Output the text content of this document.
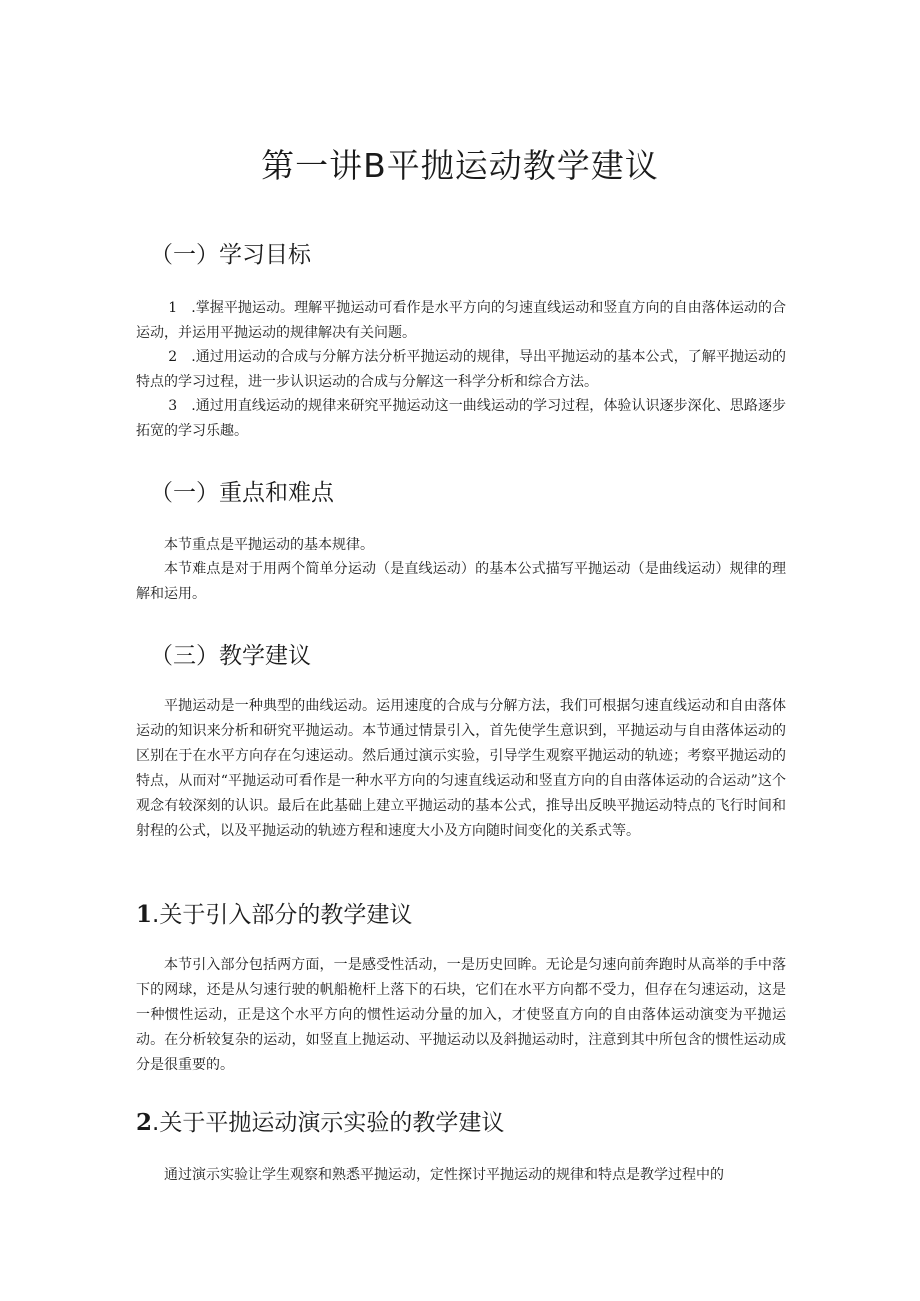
第一讲B平抛运动教学建议
（一）学习目标

1　.掌握平抛运动。理解平抛运动可看作是水平方向的匀速直线运动和竖直方向的自由落体运动的合运动，并运用平抛运动的规律解决有关问题。

2　.通过用运动的合成与分解方法分析平抛运动的规律，导出平抛运动的基本公式，了解平抛运动的特点的学习过程，进一步认识运动的合成与分解这一科学分析和综合方法。

3　.通过用直线运动的规律来研究平抛运动这一曲线运动的学习过程，体验认识逐步深化、思路逐步拓宽的学习乐趣。

（一）重点和难点

本节重点是平抛运动的基本规律。

本节难点是对于用两个简单分运动（是直线运动）的基本公式描写平抛运动（是曲线运动）规律的理解和运用。

（三）教学建议

平抛运动是一种典型的曲线运动。运用速度的合成与分解方法，我们可根据匀速直线运动和自由落体运动的知识来分析和研究平抛运动。本节通过情景引入，首先使学生意识到，平抛运动与自由落体运动的区别在于在水平方向存在匀速运动。然后通过演示实验，引导学生观察平抛运动的轨迹；考察平抛运动的特点，从而对“平抛运动可看作是一种水平方向的匀速直线运动和竖直方向的自由落体运动的合运动”这个观念有较深刻的认识。最后在此基础上建立平抛运动的基本公式，推导出反映平抛运动特点的飞行时间和射程的公式，以及平抛运动的轨迹方程和速度大小及方向随时间变化的关系式等。

1.关于引入部分的教学建议

本节引入部分包括两方面，一是感受性活动，一是历史回眸。无论是匀速向前奔跑时从高举的手中落下的网球，还是从匀速行驶的帆船桅杆上落下的石块，它们在水平方向都不受力，但存在匀速运动，这是一种惯性运动，正是这个水平方向的惯性运动分量的加入，才使竖直方向的自由落体运动演变为平抛运动。在分析较复杂的运动，如竖直上抛运动、平抛运动以及斜抛运动时，注意到其中所包含的惯性运动成分是很重要的。

2.关于平抛运动演示实验的教学建议

通过演示实验让学生观察和熟悉平抛运动，定性探讨平抛运动的规律和特点是教学过程中的
